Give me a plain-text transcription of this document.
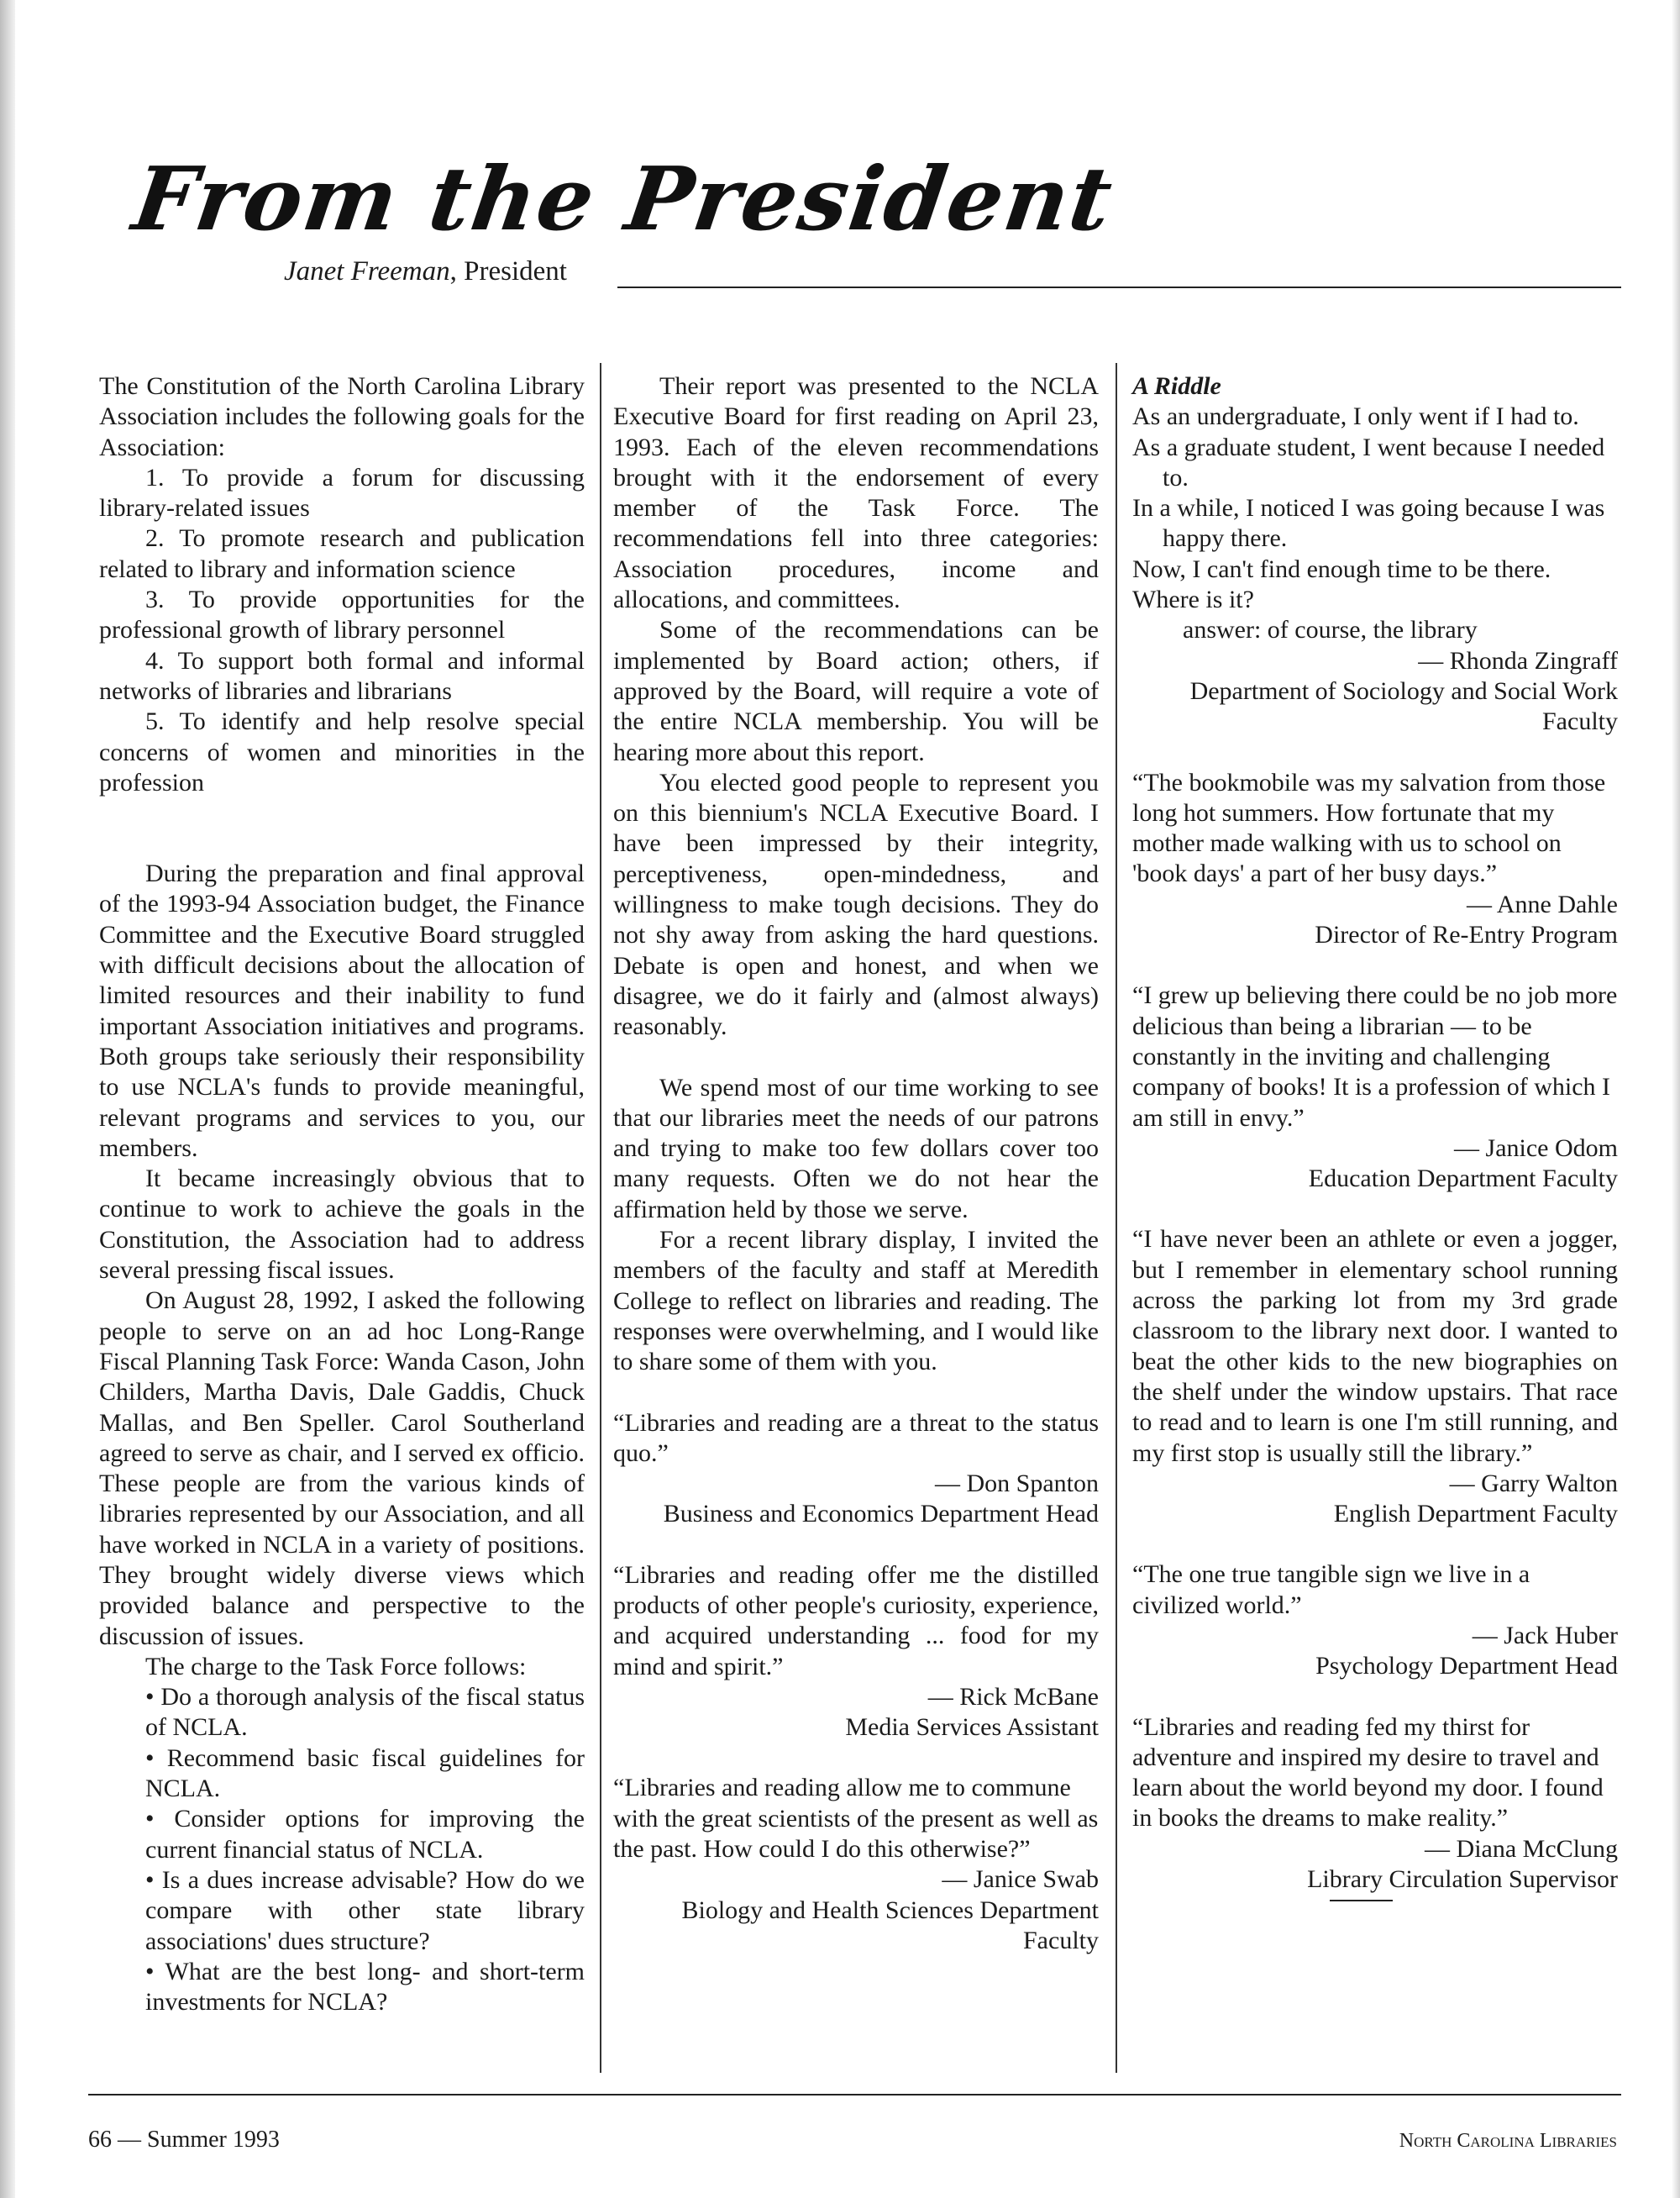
From the President
Janet Freeman, President

The Constitution of the North Carolina Library Association includes the following goals for the Association:

1. To provide a forum for discussing library-related issues

2. To promote research and publication related to library and information science

3. To provide opportunities for the professional growth of library personnel

4. To support both formal and informal networks of libraries and librarians

5. To identify and help resolve special concerns of women and minorities in the profession

During the preparation and final approval of the 1993-94 Association budget, the Finance Committee and the Executive Board struggled with difficult decisions about the allocation of limited resources and their inability to fund important Association initiatives and programs. Both groups take seriously their responsibility to use NCLA's funds to provide meaningful, relevant programs and services to you, our members.

It became increasingly obvious that to continue to work to achieve the goals in the Constitution, the Association had to address several pressing fiscal issues.

On August 28, 1992, I asked the following people to serve on an ad hoc Long-Range Fiscal Planning Task Force: Wanda Cason, John Childers, Martha Davis, Dale Gaddis, Chuck Mallas, and Ben Speller. Carol Southerland agreed to serve as chair, and I served ex officio. These people are from the various kinds of libraries represented by our Association, and all have worked in NCLA in a variety of positions. They brought widely diverse views which provided balance and perspective to the discussion of issues.

The charge to the Task Force follows:

• Do a thorough analysis of the fiscal status of NCLA.

• Recommend basic fiscal guidelines for NCLA.

• Consider options for improving the current financial status of NCLA.

• Is a dues increase advisable? How do we compare with other state library associations' dues structure?

• What are the best long- and short-term investments for NCLA?

Their report was presented to the NCLA Executive Board for first reading on April 23, 1993. Each of the eleven recommendations brought with it the endorsement of every member of the Task Force. The recommendations fell into three categories: Association procedures, income and allocations, and committees.

Some of the recommendations can be implemented by Board action; others, if approved by the Board, will require a vote of the entire NCLA membership. You will be hearing more about this report.

You elected good people to represent you on this biennium's NCLA Executive Board. I have been impressed by their integrity, perceptiveness, open-mindedness, and willingness to make tough decisions. They do not shy away from asking the hard questions. Debate is open and honest, and when we disagree, we do it fairly and (almost always) reasonably.

We spend most of our time working to see that our libraries meet the needs of our patrons and trying to make too few dollars cover too many requests. Often we do not hear the affirmation held by those we serve.

For a recent library display, I invited the members of the faculty and staff at Meredith College to reflect on libraries and reading. The responses were overwhelming, and I would like to share some of them with you.

“Libraries and reading are a threat to the status quo.”

— Don Spanton

Business and Economics Department Head

“Libraries and reading offer me the distilled products of other people's curiosity, experience, and acquired understanding ... food for my mind and spirit.”

— Rick McBane

Media Services Assistant

“Libraries and reading allow me to commune with the great scientists of the present as well as the past. How could I do this otherwise?”

— Janice Swab

Biology and Health Sciences Department Faculty

A Riddle

As an undergraduate, I only went if I had to.

As a graduate student, I went because I needed to.

In a while, I noticed I was going because I was happy there.

Now, I can't find enough time to be there.

Where is it?

answer: of course, the library

— Rhonda Zingraff

Department of Sociology and Social Work Faculty

“The bookmobile was my salvation from those long hot summers. How fortunate that my mother made walking with us to school on 'book days' a part of her busy days.”

— Anne Dahle

Director of Re-Entry Program

“I grew up believing there could be no job more delicious than being a librarian — to be constantly in the inviting and challenging company of books! It is a profession of which I am still in envy.”

— Janice Odom

Education Department Faculty

“I have never been an athlete or even a jogger, but I remember in elementary school running across the parking lot from my 3rd grade classroom to the library next door. I wanted to beat the other kids to the new biographies on the shelf under the window upstairs. That race to read and to learn is one I'm still running, and my first stop is usually still the library.”

— Garry Walton

English Department Faculty

“The one true tangible sign we live in a civilized world.”

— Jack Huber

Psychology Department Head

“Libraries and reading fed my thirst for adventure and inspired my desire to travel and learn about the world beyond my door. I found in books the dreams to make reality.”

— Diana McClung

Library Circulation Supervisor

66 — Summer 1993	North Carolina Libraries
